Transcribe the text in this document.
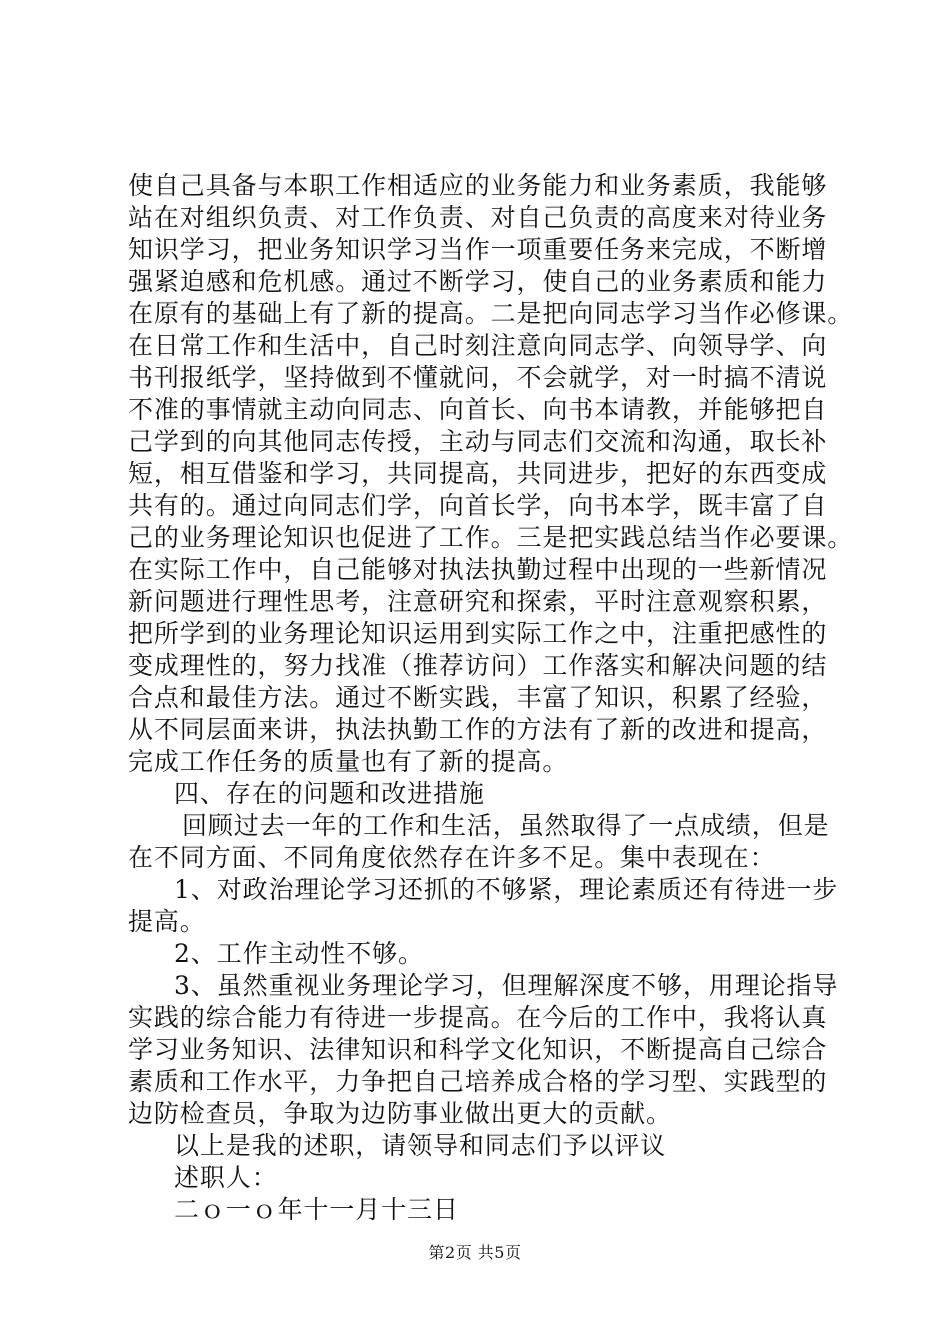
使自己具备与本职工作相适应的业务能力和业务素质，我能够
站在对组织负责、对工作负责、对自己负责的高度来对待业务
知识学习，把业务知识学习当作一项重要任务来完成，不断增
强紧迫感和危机感。通过不断学习，使自己的业务素质和能力
在原有的基础上有了新的提高。二是把向同志学习当作必修课。
在日常工作和生活中，自己时刻注意向同志学、向领导学、向
书刊报纸学，坚持做到不懂就问，不会就学，对一时搞不清说
不准的事情就主动向同志、向首长、向书本请教，并能够把自
己学到的向其他同志传授，主动与同志们交流和沟通，取长补
短，相互借鉴和学习，共同提高，共同进步，把好的东西变成
共有的。通过向同志们学，向首长学，向书本学，既丰富了自
己的业务理论知识也促进了工作。三是把实践总结当作必要课。
在实际工作中，自己能够对执法执勤过程中出现的一些新情况
新问题进行理性思考，注意研究和探索，平时注意观察积累，
把所学到的业务理论知识运用到实际工作之中，注重把感性的
变成理性的，努力找准（推荐访问）工作落实和解决问题的结
合点和最佳方法。通过不断实践，丰富了知识，积累了经验，
从不同层面来讲，执法执勤工作的方法有了新的改进和提高，
完成工作任务的质量也有了新的提高。
四、存在的问题和改进措施
回顾过去一年的工作和生活，虽然取得了一点成绩，但是
在不同方面、不同角度依然存在许多不足。集中表现在：
1、对政治理论学习还抓的不够紧，理论素质还有待进一步
提高。
2、工作主动性不够。
3、虽然重视业务理论学习，但理解深度不够，用理论指导
实践的综合能力有待进一步提高。在今后的工作中，我将认真
学习业务知识、法律知识和科学文化知识，不断提高自己综合
素质和工作水平，力争把自己培养成合格的学习型、实践型的
边防检查员，争取为边防事业做出更大的贡献。
以上是我的述职，请领导和同志们予以评议
述职人：
二ｏ一ｏ年十一月十三日
第2页 共5页
